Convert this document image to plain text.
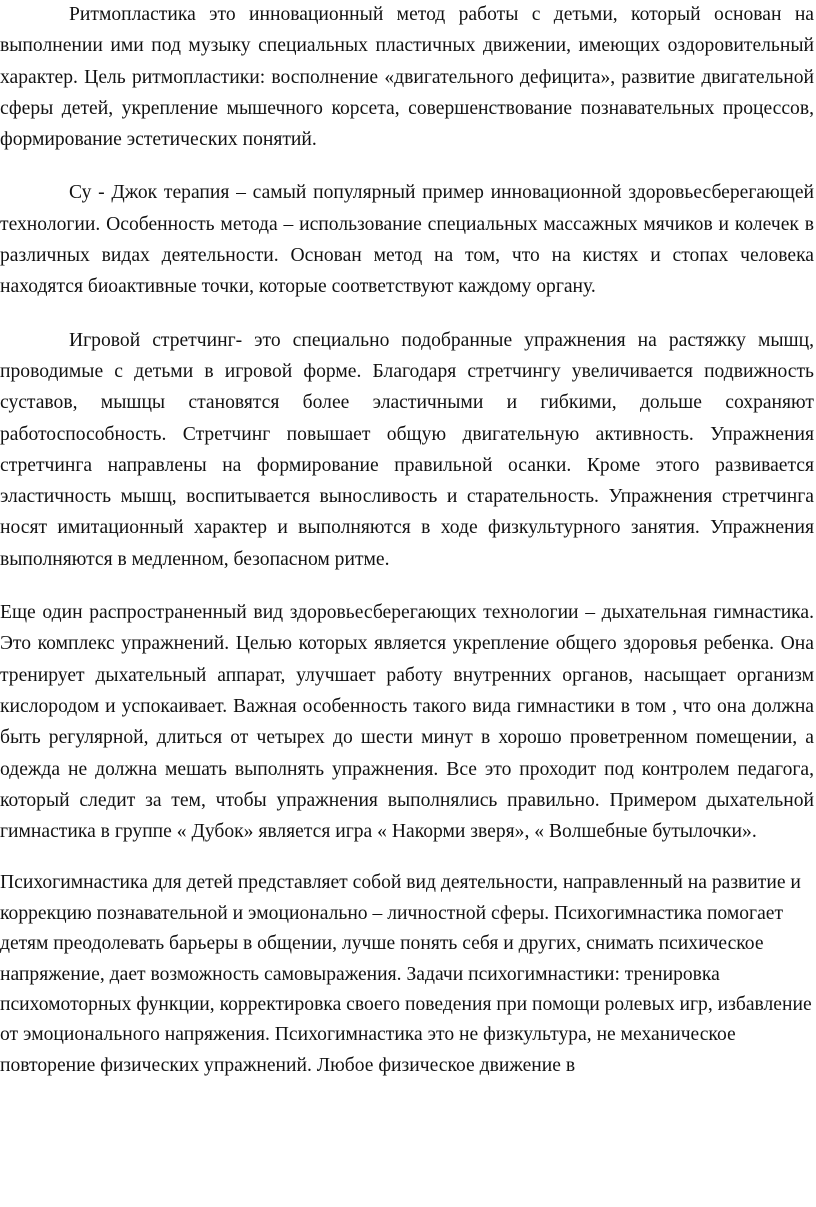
Ритмопластика это инновационный метод работы с детьми, который основан на выполнении ими под музыку специальных пластичных движении, имеющих оздоровительный характер. Цель ритмопластики: восполнение «двигательного дефицита», развитие двигательной сферы детей, укрепление мышечного корсета, совершенствование познавательных процессов, формирование эстетических понятий.

Су - Джок терапия – самый популярный пример инновационной здоровьесберегающей технологии. Особенность метода – использование специальных массажных мячиков и колечек в различных видах деятельности. Основан метод на том, что на кистях и стопах человека находятся биоактивные точки, которые соответствуют каждому органу.

Игровой стретчинг- это специально подобранные упражнения на растяжку мышц, проводимые с детьми в игровой форме. Благодаря стретчингу увеличивается подвижность суставов, мышцы становятся более эластичными и гибкими, дольше сохраняют работоспособность. Стретчинг повышает общую двигательную активность. Упражнения стретчинга направлены на формирование правильной осанки. Кроме этого развивается эластичность мышц, воспитывается выносливость и старательность. Упражнения стретчинга носят имитационный характер и выполняются в ходе физкультурного занятия. Упражнения выполняются в медленном, безопасном ритме.

Еще один распространенный вид здоровьесберегающих технологии – дыхательная гимнастика. Это комплекс упражнений. Целью которых является укрепление общего здоровья ребенка. Она тренирует дыхательный аппарат, улучшает работу внутренних органов, насыщает организм кислородом и успокаивает. Важная особенность такого вида гимнастики в том , что она должна быть регулярной, длиться от четырех до шести минут в хорошо проветренном помещении, а одежда не должна мешать выполнять упражнения. Все это проходит под контролем педагога, который следит за тем, чтобы упражнения выполнялись правильно. Примером дыхательной гимнастика в группе « Дубок» является игра « Накорми зверя», « Волшебные бутылочки».

Психогимнастика для детей представляет собой вид деятельности, направленный на развитие и коррекцию познавательной и эмоционально – личностной сферы. Психогимнастика помогает детям преодолевать барьеры в общении, лучше понять себя и других, снимать психическое напряжение, дает возможность самовыражения. Задачи психогимнастики: тренировка психомоторных функции, корректировка своего поведения при помощи ролевых игр, избавление от эмоционального напряжения. Психогимнастика это не физкультура, не механическое повторение физических упражнений. Любое физическое движение в
